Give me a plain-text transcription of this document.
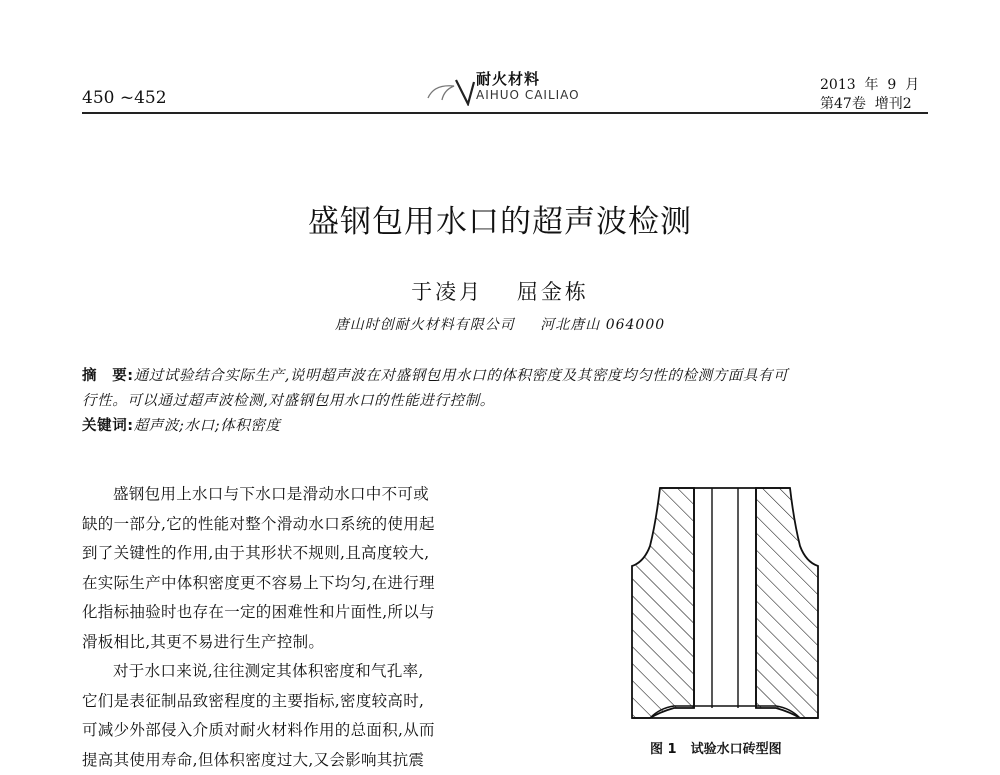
450 ~452
耐火材料
AIHUO CAILIAO
2013  年  9  月
第47卷  增刊2
盛钢包用水口的超声波检测
于凌月 屈金栋
唐山时创耐火材料有限公司 河北唐山 064000
摘　要:通过试验结合实际生产,说明超声波在对盛钢包用水口的体积密度及其密度均匀性的检测方面具有可
行性。可以通过超声波检测,对盛钢包用水口的性能进行控制。
关键词:超声波;水口;体积密度
盛钢包用上水口与下水口是滑动水口中不可或
缺的一部分,它的性能对整个滑动水口系统的使用起
到了关键性的作用,由于其形状不规则,且高度较大,
在实际生产中体积密度更不容易上下均匀,在进行理
化指标抽验时也存在一定的困难性和片面性,所以与
滑板相比,其更不易进行生产控制。
对于水口来说,往往测定其体积密度和气孔率,
它们是表征制品致密程度的主要指标,密度较高时,
可减少外部侵入介质对耐火材料作用的总面积,从而
提高其使用寿命,但体积密度过大,又会影响其抗震
图 1 试验水口砖型图
